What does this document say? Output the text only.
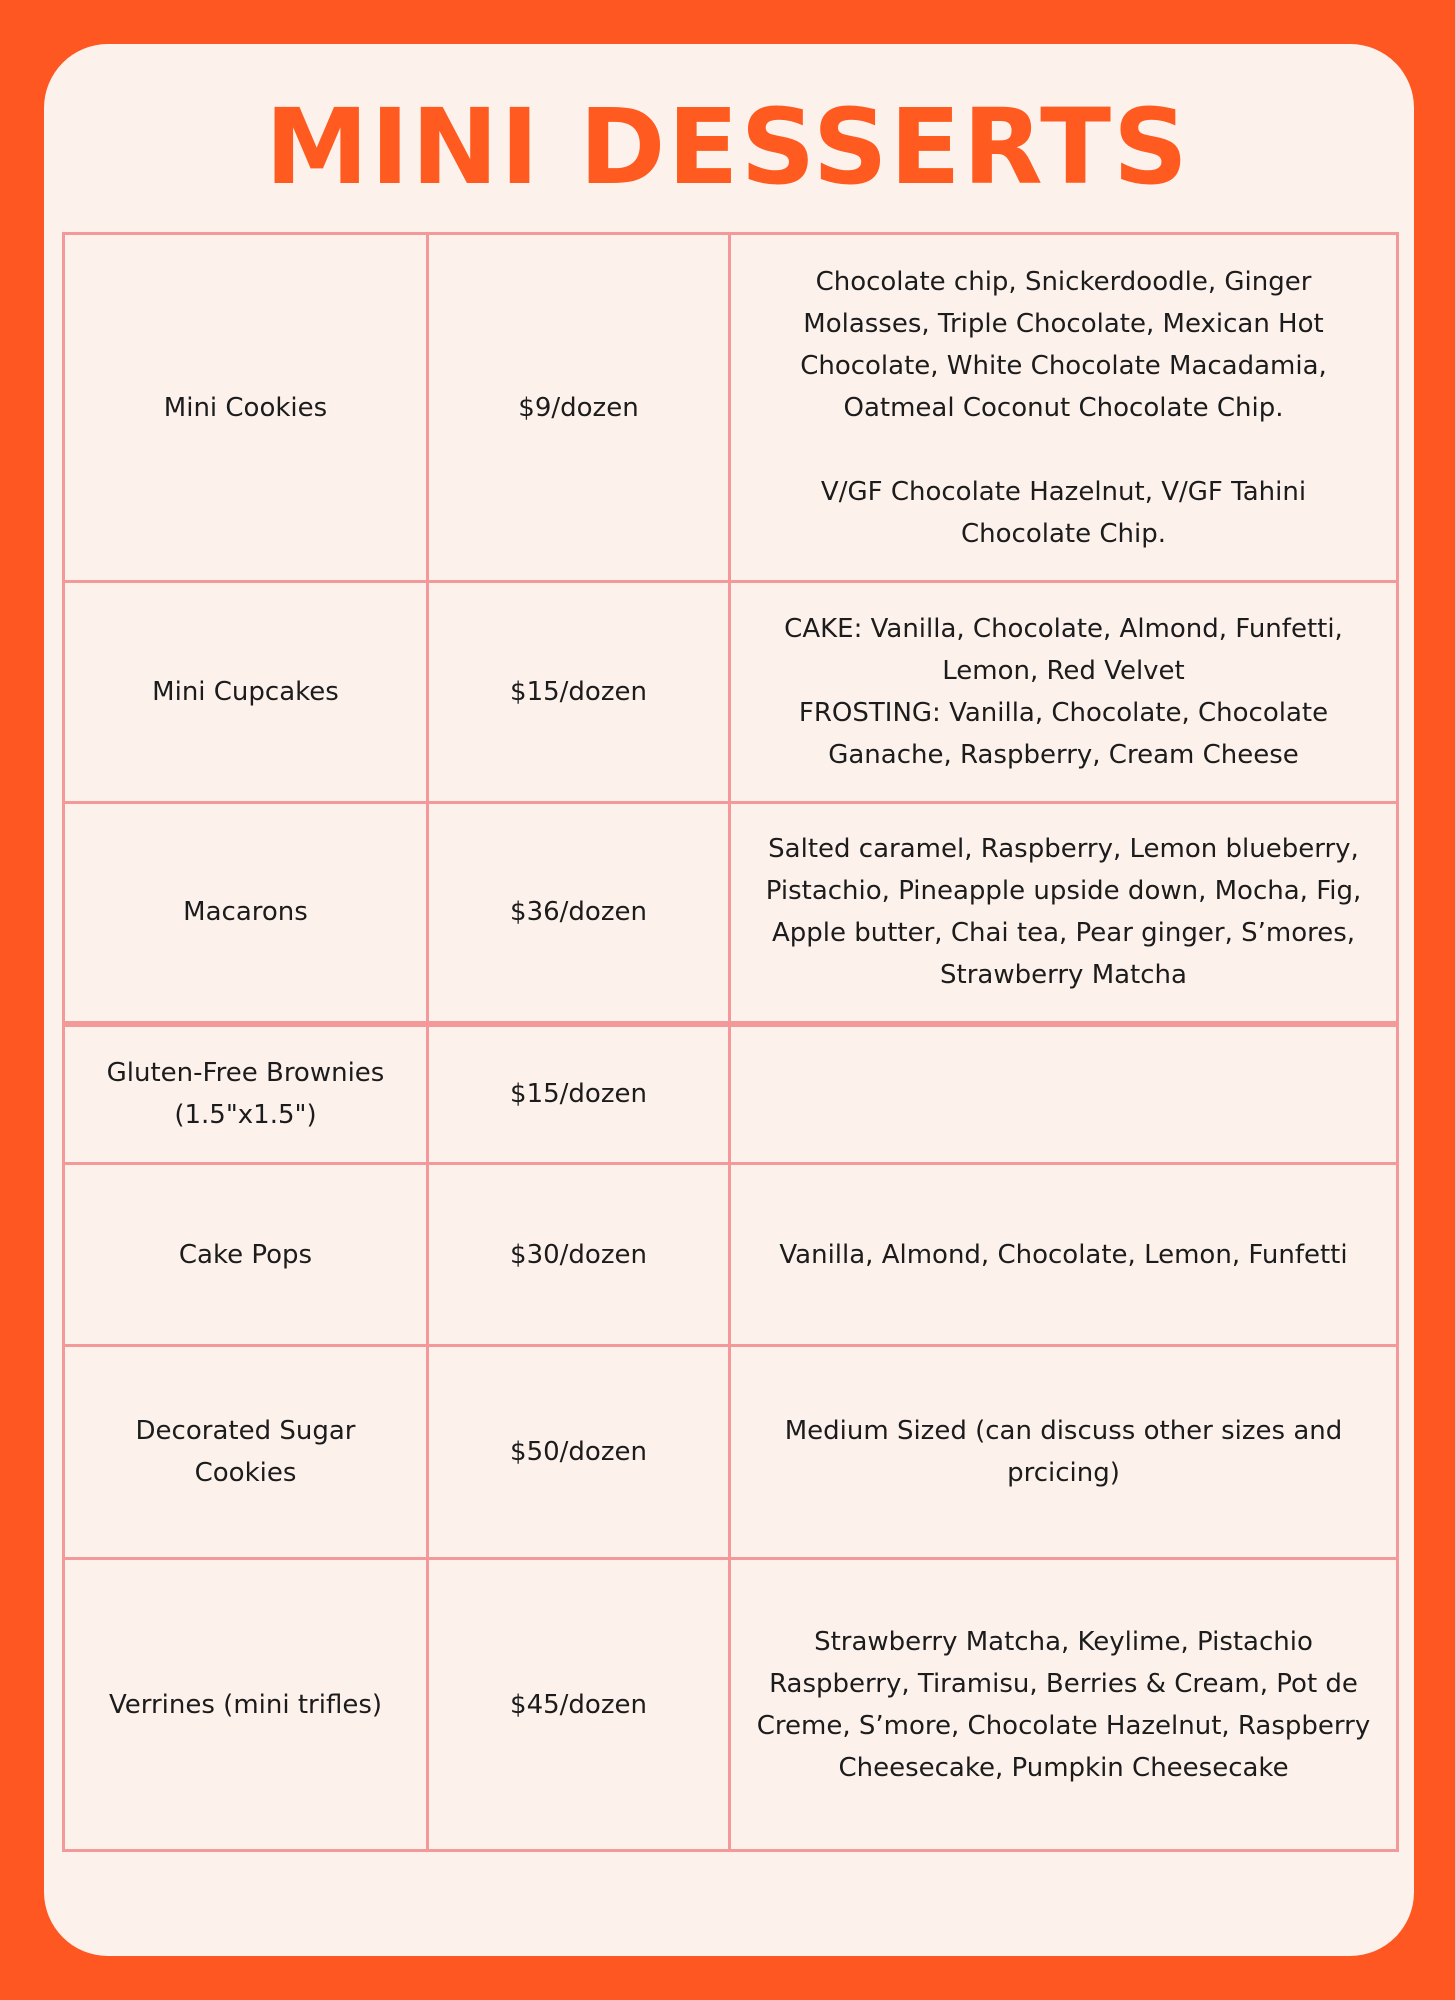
MINI DESSERTS
Mini Cookies	$9/dozen	Chocolate chip, Snickerdoodle, Ginger Molasses, Triple Chocolate, Mexican Hot Chocolate, White Chocolate Macadamia, Oatmeal Coconut Chocolate Chip.
V/GF Chocolate Hazelnut, V/GF Tahini Chocolate Chip.

Mini Cupcakes	$15/dozen	CAKE: Vanilla, Chocolate, Almond, Funfetti, Lemon, Red Velvet
FROSTING: Vanilla, Chocolate, Chocolate Ganache, Raspberry, Cream Cheese

Macarons	$36/dozen	Salted caramel, Raspberry, Lemon blueberry, Pistachio, Pineapple upside down, Mocha, Fig, Apple butter, Chai tea, Pear ginger, S’mores, Strawberry Matcha
Gluten-Free Brownies (1.5"x1.5")	$15/dozen	
Cake Pops	$30/dozen	Vanilla, Almond, Chocolate, Lemon, Funfetti
Decorated Sugar Cookies	$50/dozen	Medium Sized (can discuss other sizes and prcicing)
Verrines (mini trifles)	$45/dozen	Strawberry Matcha, Keylime, Pistachio Raspberry, Tiramisu, Berries & Cream, Pot de Creme, S’more, Chocolate Hazelnut, Raspberry Cheesecake, Pumpkin Cheesecake
